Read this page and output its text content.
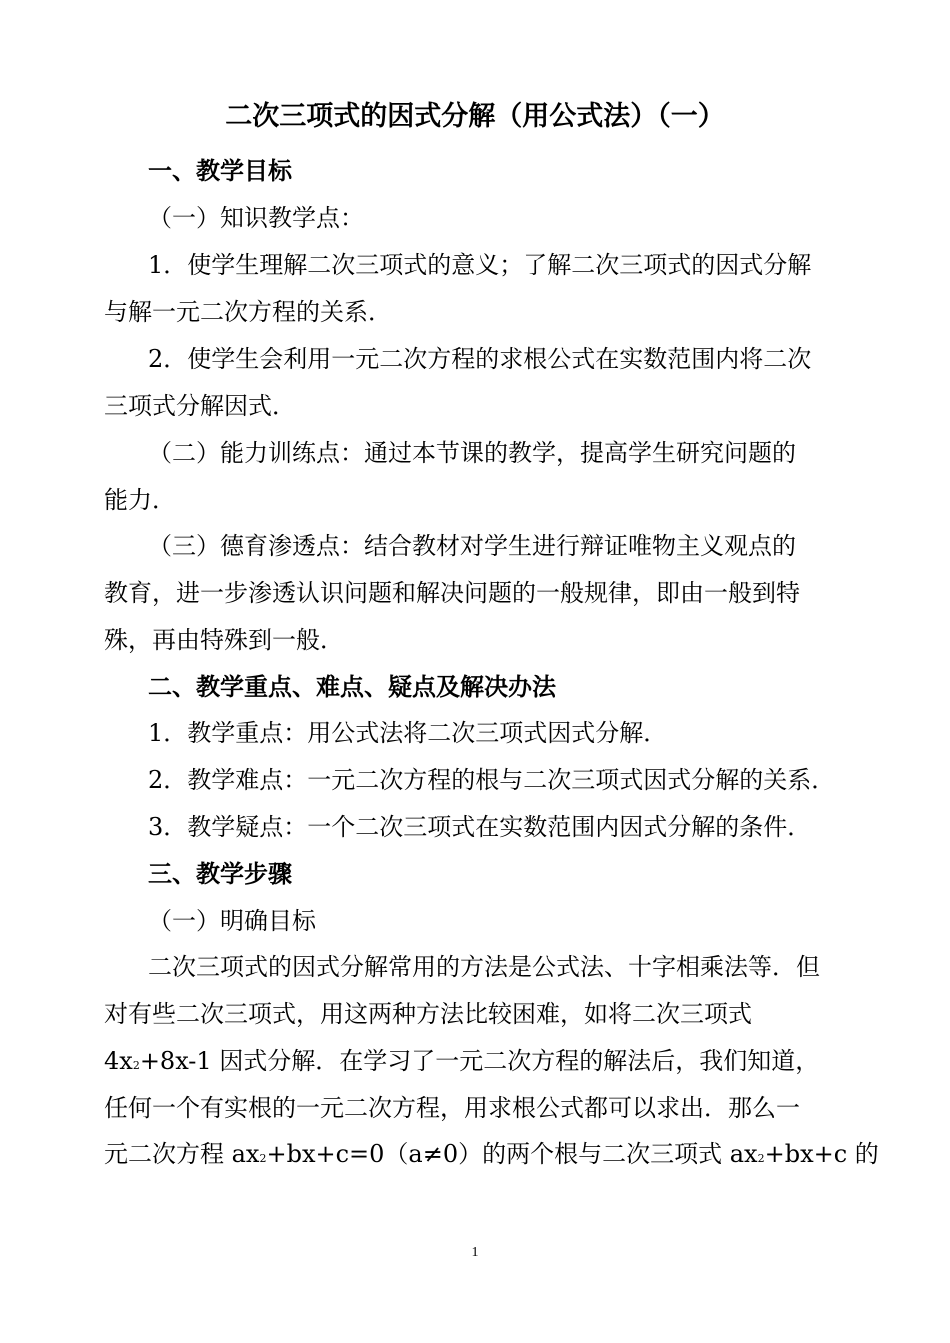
二次三项式的因式分解（用公式法）（一）
一、教学目标
（一）知识教学点：
1．使学生理解二次三项式的意义；了解二次三项式的因式分解
与解一元二次方程的关系．
2．使学生会利用一元二次方程的求根公式在实数范围内将二次
三项式分解因式．
（二）能力训练点：通过本节课的教学，提高学生研究问题的
能力．
（三）德育渗透点：结合教材对学生进行辩证唯物主义观点的
教育，进一步渗透认识问题和解决问题的一般规律，即由一般到特
殊，再由特殊到一般．
二、教学重点、难点、疑点及解决办法
1．教学重点：用公式法将二次三项式因式分解．
2．教学难点：一元二次方程的根与二次三项式因式分解的关系．
3．教学疑点：一个二次三项式在实数范围内因式分解的条件．
三、教学步骤
（一）明确目标
二次三项式的因式分解常用的方法是公式法、十字相乘法等．但
对有些二次三项式，用这两种方法比较困难，如将二次三项式
4x2+8x-1 因式分解．在学习了一元二次方程的解法后，我们知道，
任何一个有实根的一元二次方程，用求根公式都可以求出．那么一
元二次方程 ax2+bx+c=0（a≠0）的两个根与二次三项式 ax2+bx+c 的
1
